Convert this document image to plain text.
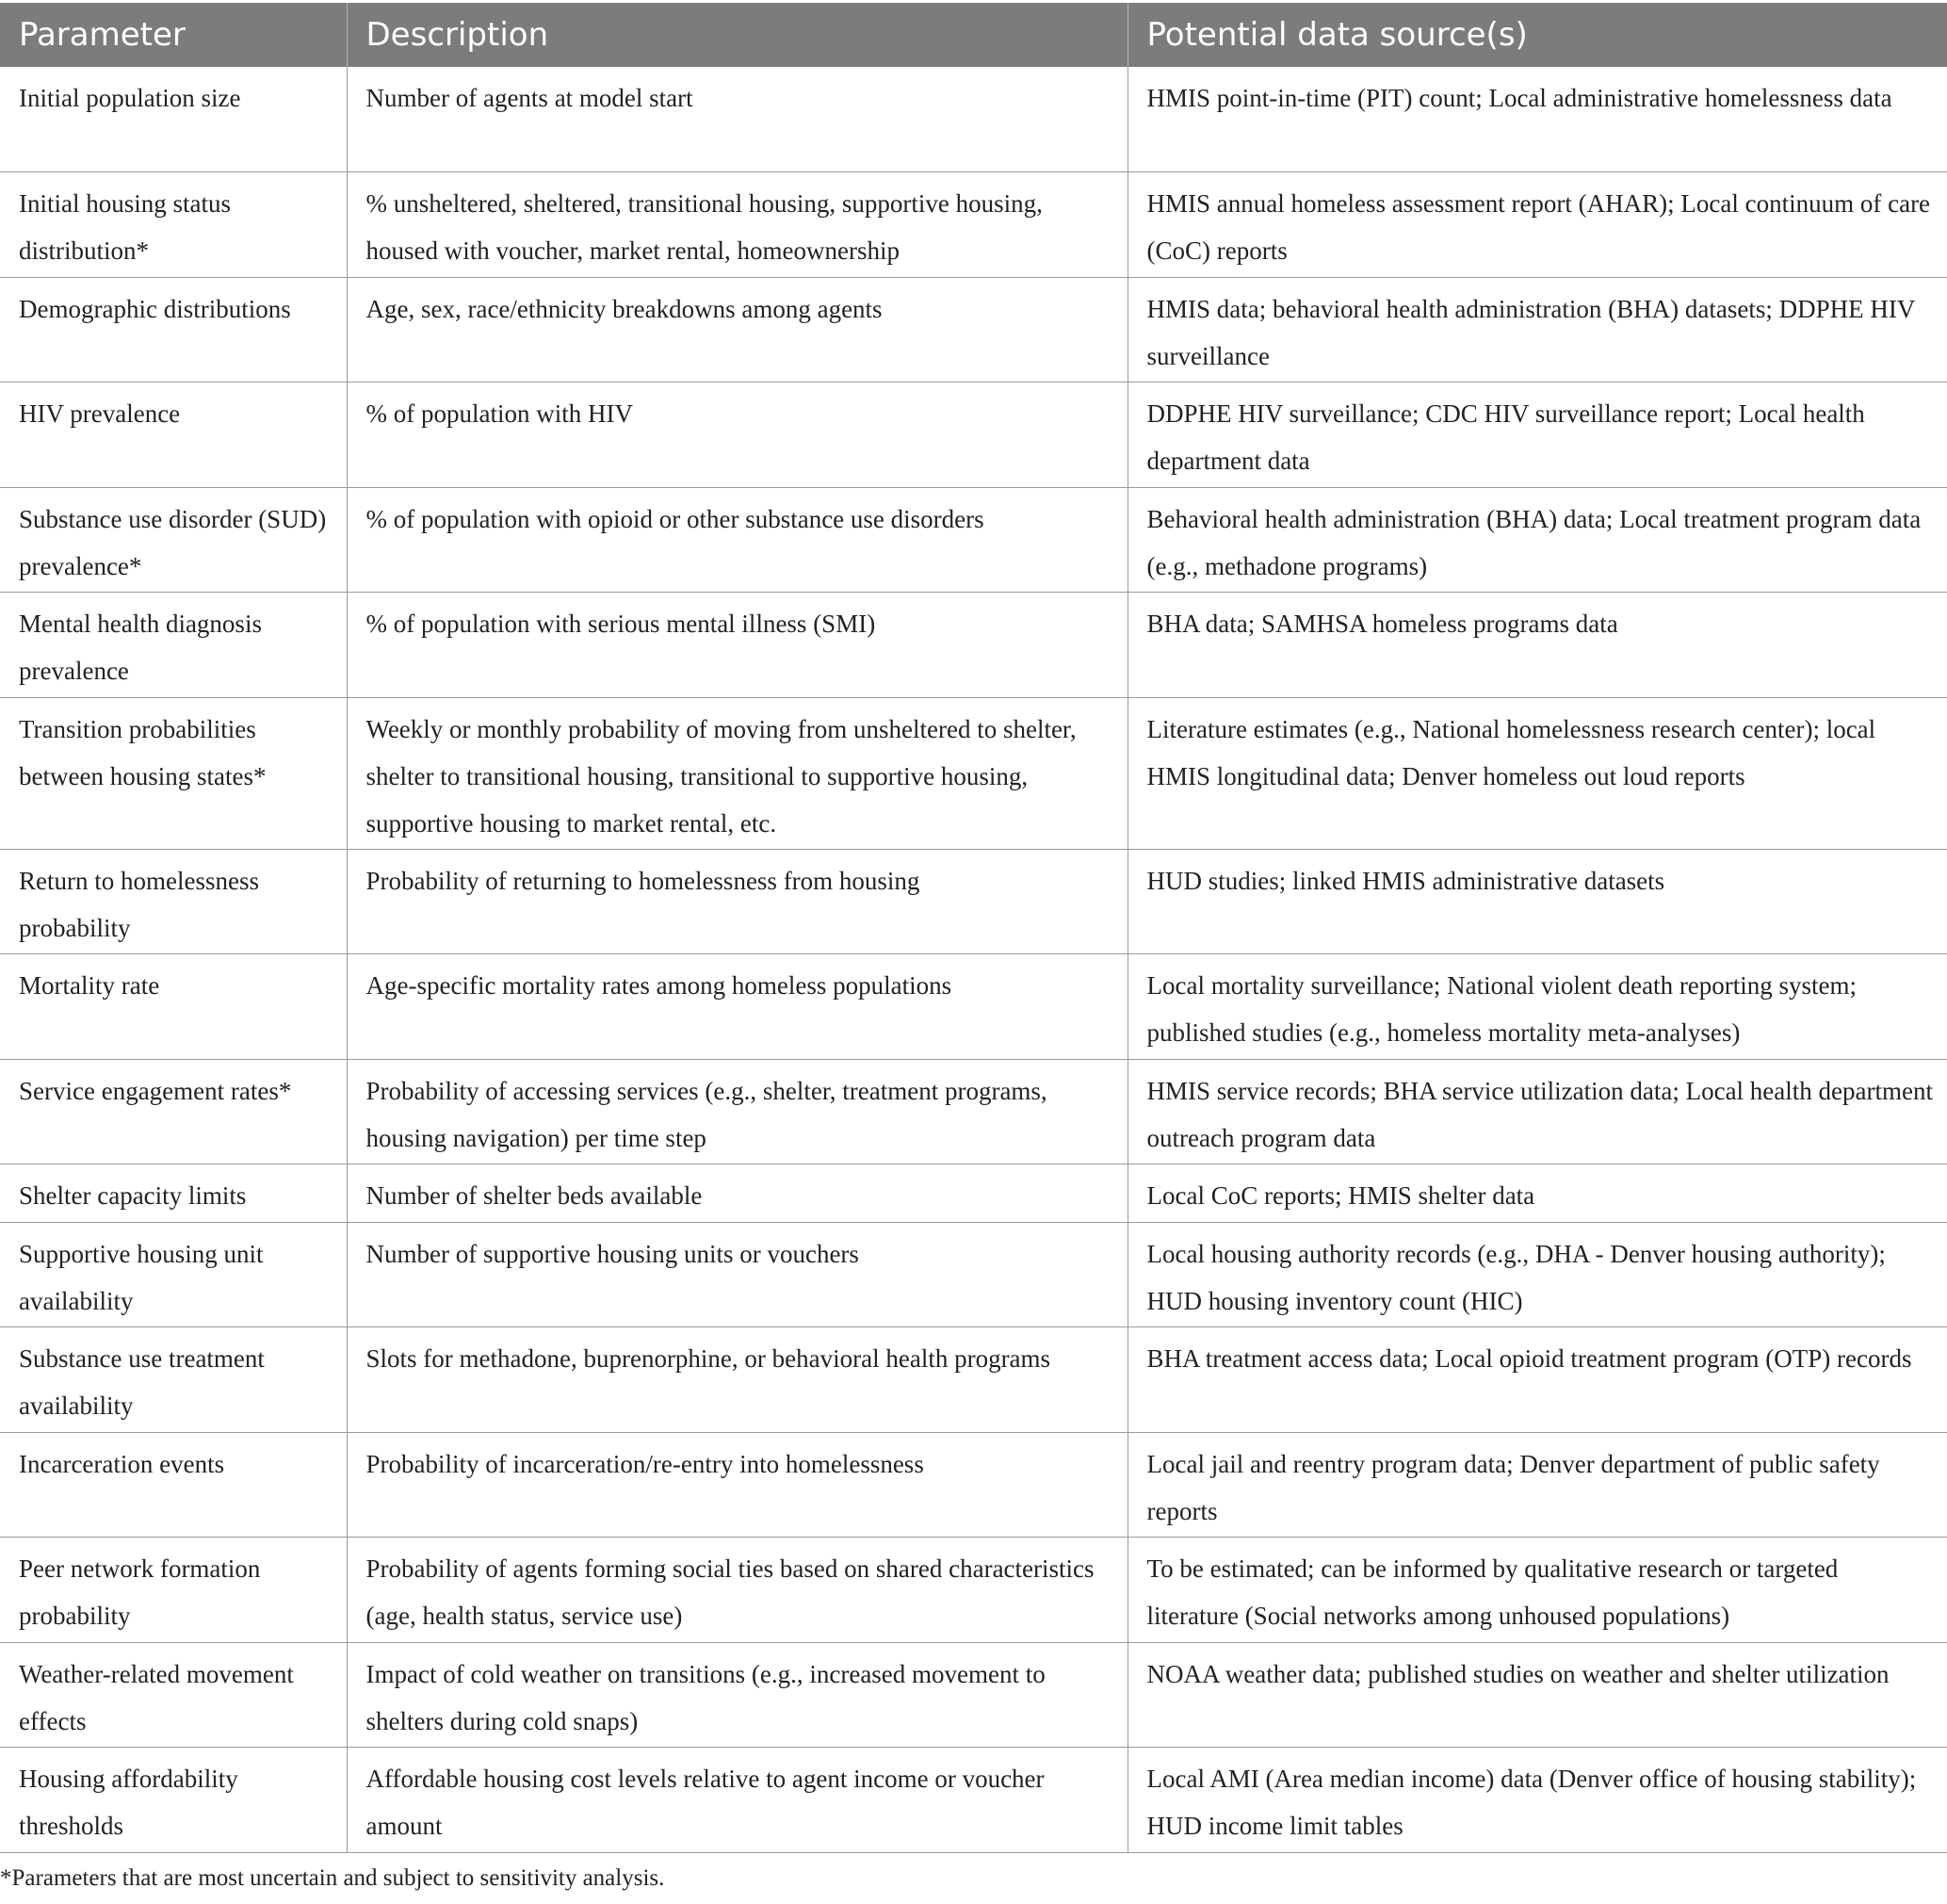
Parameter	Description	Potential data source(s)
Initial population size	Number of agents at model start	HMIS point-in-time (PIT) count; Local administrative homelessness data
Initial housing status distribution*	% unsheltered, sheltered, transitional housing, supportive housing, housed with voucher, market rental, homeownership	HMIS annual homeless assessment report (AHAR); Local continuum of care (CoC) reports
Demographic distributions	Age, sex, race/ethnicity breakdowns among agents	HMIS data; behavioral health administration (BHA) datasets; DDPHE HIV surveillance
HIV prevalence	% of population with HIV	DDPHE HIV surveillance; CDC HIV surveillance report; Local health department data
Substance use disorder (SUD) prevalence*	% of population with opioid or other substance use disorders	Behavioral health administration (BHA) data; Local treatment program data (e.g., methadone programs)
Mental health diagnosis prevalence	% of population with serious mental illness (SMI)	BHA data; SAMHSA homeless programs data
Transition probabilities between housing states*	Weekly or monthly probability of moving from unsheltered to shelter, shelter to transitional housing, transitional to supportive housing, supportive housing to market rental, etc.	Literature estimates (e.g., National homelessness research center); local HMIS longitudinal data; Denver homeless out loud reports
Return to homelessness probability	Probability of returning to homelessness from housing	HUD studies; linked HMIS administrative datasets
Mortality rate	Age-specific mortality rates among homeless populations	Local mortality surveillance; National violent death reporting system; published studies (e.g., homeless mortality meta-analyses)
Service engagement rates*	Probability of accessing services (e.g., shelter, treatment programs, housing navigation) per time step	HMIS service records; BHA service utilization data; Local health department outreach program data
Shelter capacity limits	Number of shelter beds available	Local CoC reports; HMIS shelter data
Supportive housing unit availability	Number of supportive housing units or vouchers	Local housing authority records (e.g., DHA - Denver housing authority); HUD housing inventory count (HIC)
Substance use treatment availability	Slots for methadone, buprenorphine, or behavioral health programs	BHA treatment access data; Local opioid treatment program (OTP) records
Incarceration events	Probability of incarceration/re-entry into homelessness	Local jail and reentry program data; Denver department of public safety reports
Peer network formation probability	Probability of agents forming social ties based on shared characteristics (age, health status, service use)	To be estimated; can be informed by qualitative research or targeted literature (Social networks among unhoused populations)
Weather-related movement effects	Impact of cold weather on transitions (e.g., increased movement to shelters during cold snaps)	NOAA weather data; published studies on weather and shelter utilization
Housing affordability thresholds	Affordable housing cost levels relative to agent income or voucher amount	Local AMI (Area median income) data (Denver office of housing stability); HUD income limit tables
*Parameters that are most uncertain and subject to sensitivity analysis.
